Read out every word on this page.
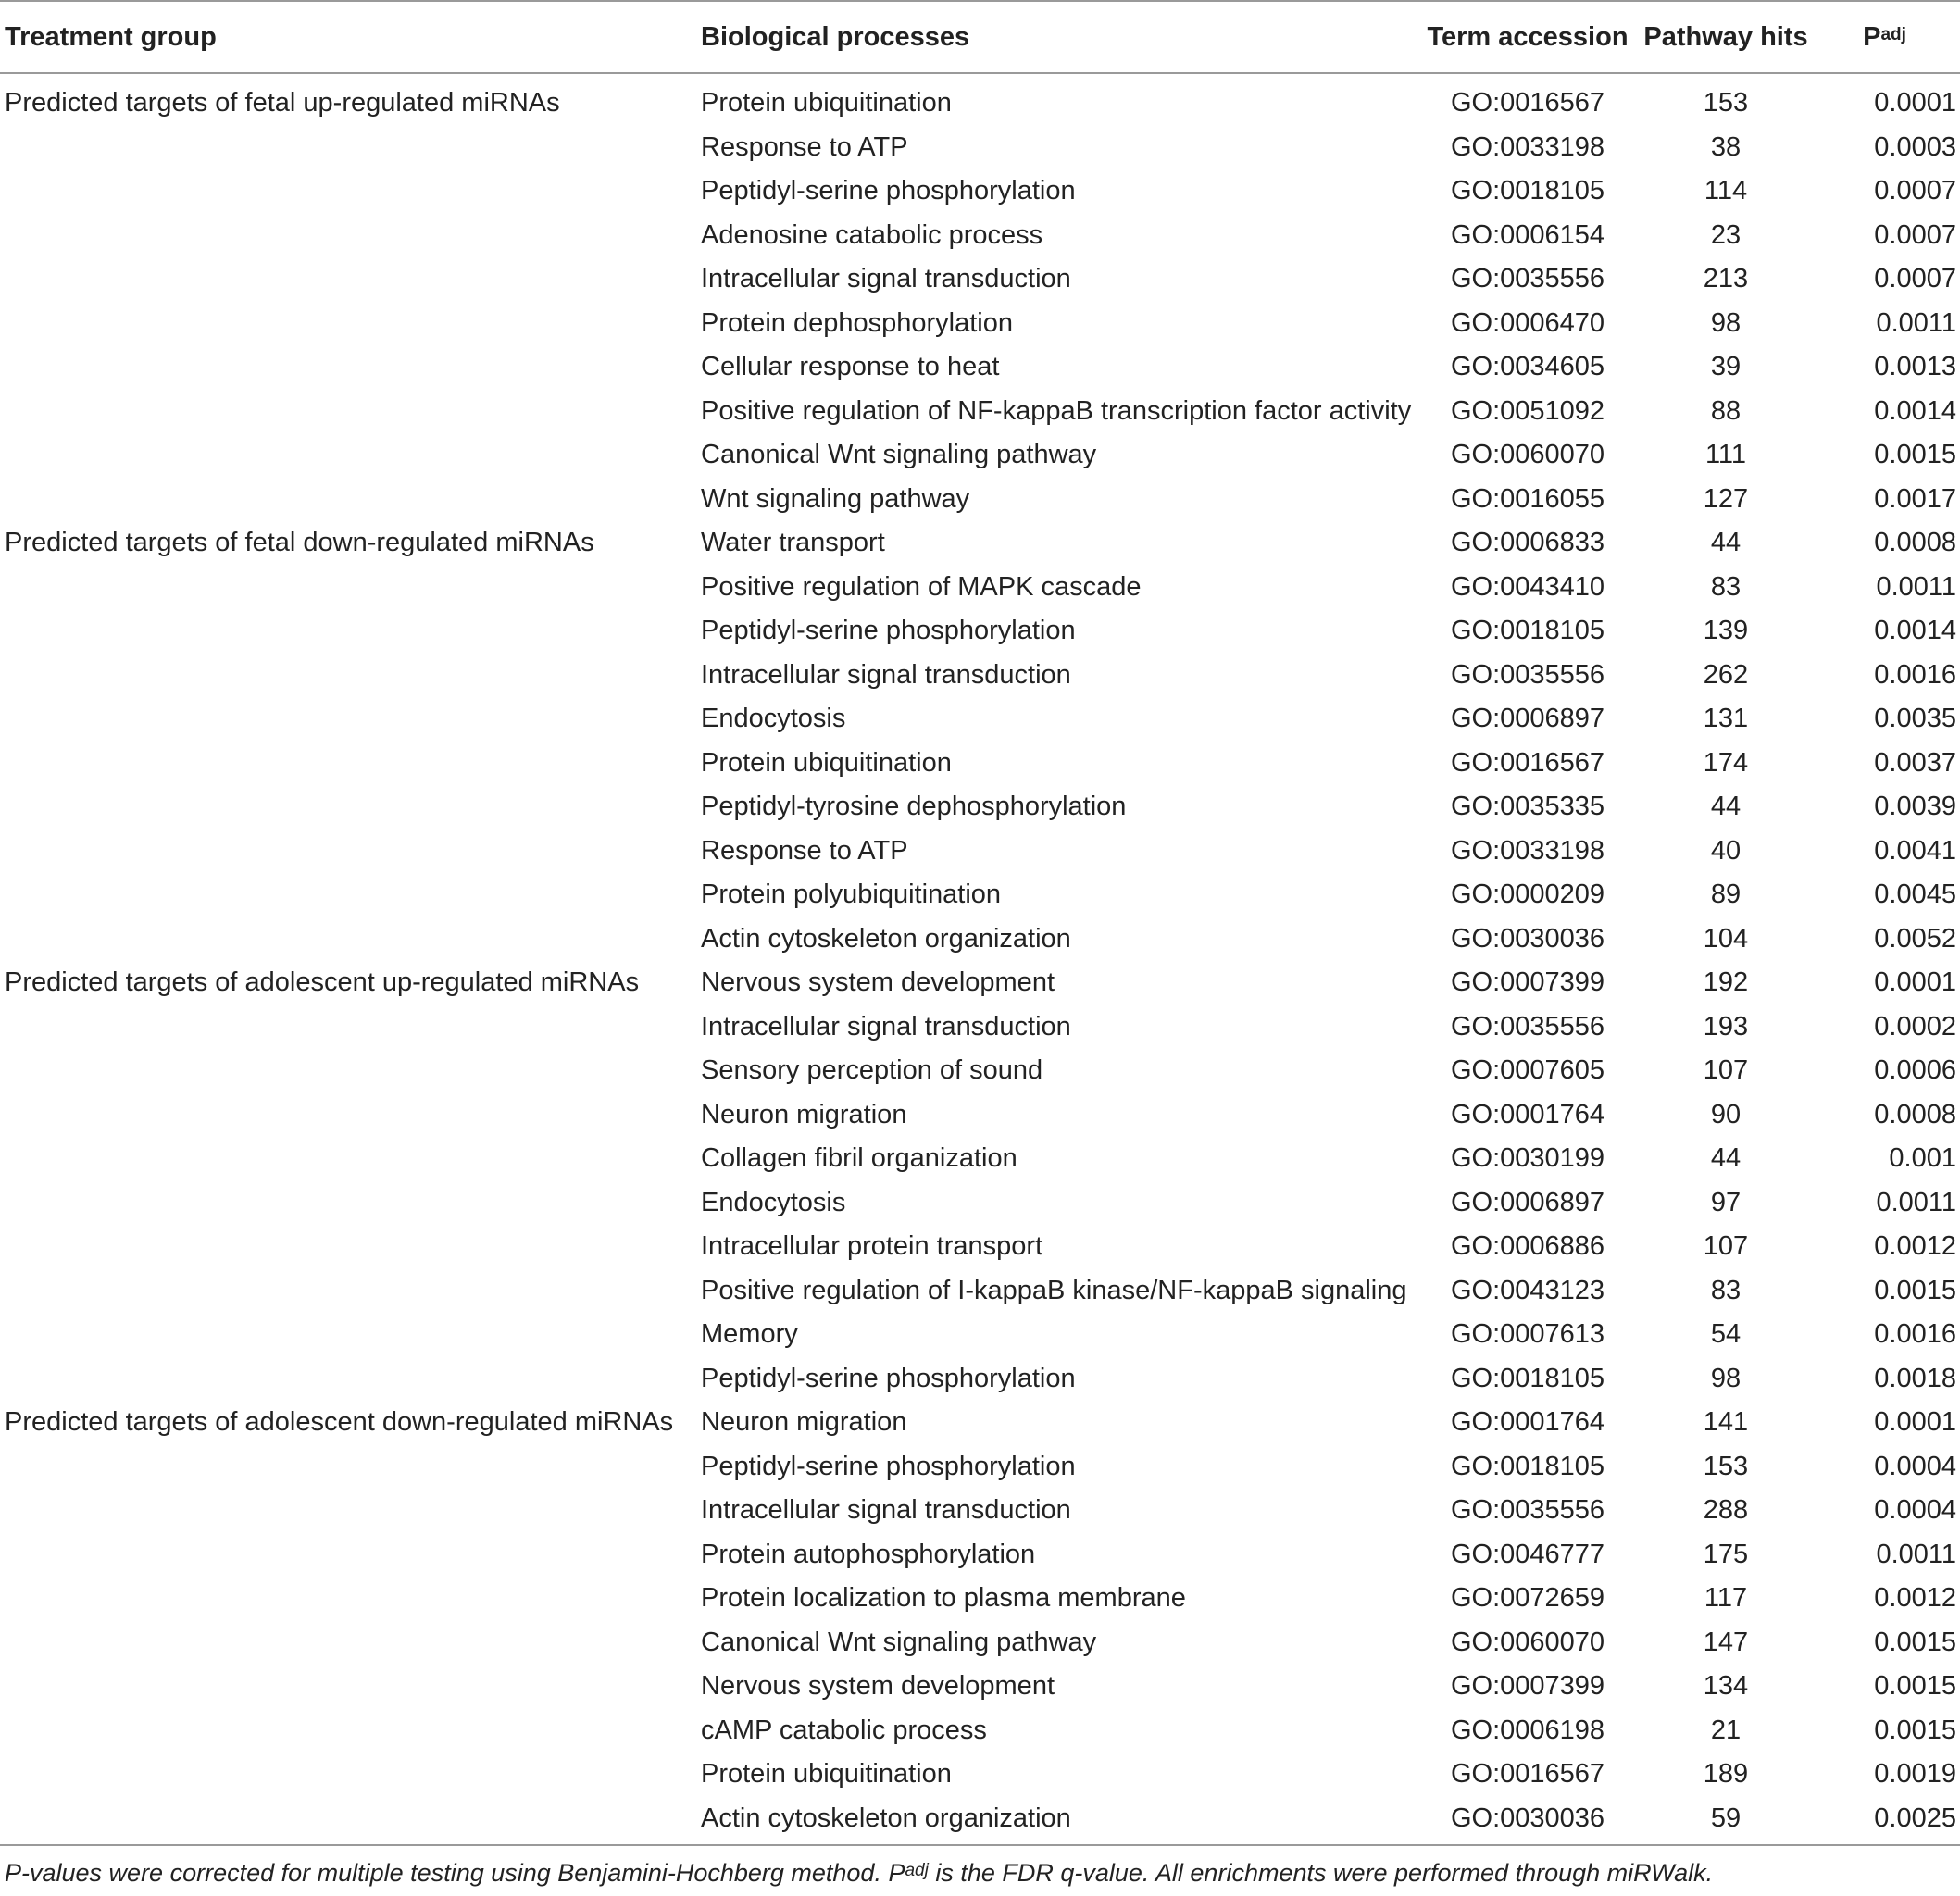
Treatment group	Biological processes	Term accession	Pathway hits	$P^{adj}$
Predicted targets of fetal up-regulated miRNAs	Protein ubiquitination	GO:0016567	153	0.0001
	Response to ATP	GO:0033198	38	0.0003
	Peptidyl-serine phosphorylation	GO:0018105	114	0.0007
	Adenosine catabolic process	GO:0006154	23	0.0007
	Intracellular signal transduction	GO:0035556	213	0.0007
	Protein dephosphorylation	GO:0006470	98	0.0011
	Cellular response to heat	GO:0034605	39	0.0013
	Positive regulation of NF-kappaB transcription factor activity	GO:0051092	88	0.0014
	Canonical Wnt signaling pathway	GO:0060070	111	0.0015
	Wnt signaling pathway	GO:0016055	127	0.0017
Predicted targets of fetal down-regulated miRNAs	Water transport	GO:0006833	44	0.0008
	Positive regulation of MAPK cascade	GO:0043410	83	0.0011
	Peptidyl-serine phosphorylation	GO:0018105	139	0.0014
	Intracellular signal transduction	GO:0035556	262	0.0016
	Endocytosis	GO:0006897	131	0.0035
	Protein ubiquitination	GO:0016567	174	0.0037
	Peptidyl-tyrosine dephosphorylation	GO:0035335	44	0.0039
	Response to ATP	GO:0033198	40	0.0041
	Protein polyubiquitination	GO:0000209	89	0.0045
	Actin cytoskeleton organization	GO:0030036	104	0.0052
Predicted targets of adolescent up-regulated miRNAs	Nervous system development	GO:0007399	192	0.0001
	Intracellular signal transduction	GO:0035556	193	0.0002
	Sensory perception of sound	GO:0007605	107	0.0006
	Neuron migration	GO:0001764	90	0.0008
	Collagen fibril organization	GO:0030199	44	0.001
	Endocytosis	GO:0006897	97	0.0011
	Intracellular protein transport	GO:0006886	107	0.0012
	Positive regulation of I-kappaB kinase/NF-kappaB signaling	GO:0043123	83	0.0015
	Memory	GO:0007613	54	0.0016
	Peptidyl-serine phosphorylation	GO:0018105	98	0.0018
Predicted targets of adolescent down-regulated miRNAs	Neuron migration	GO:0001764	141	0.0001
	Peptidyl-serine phosphorylation	GO:0018105	153	0.0004
	Intracellular signal transduction	GO:0035556	288	0.0004
	Protein autophosphorylation	GO:0046777	175	0.0011
	Protein localization to plasma membrane	GO:0072659	117	0.0012
	Canonical Wnt signaling pathway	GO:0060070	147	0.0015
	Nervous system development	GO:0007399	134	0.0015
	cAMP catabolic process	GO:0006198	21	0.0015
	Protein ubiquitination	GO:0016567	189	0.0019
	Actin cytoskeleton organization	GO:0030036	59	0.0025
P-values were corrected for multiple testing using Benjamini-Hochberg method. $P^{adj}$ is the FDR q-value. All enrichments were performed through miRWalk.
